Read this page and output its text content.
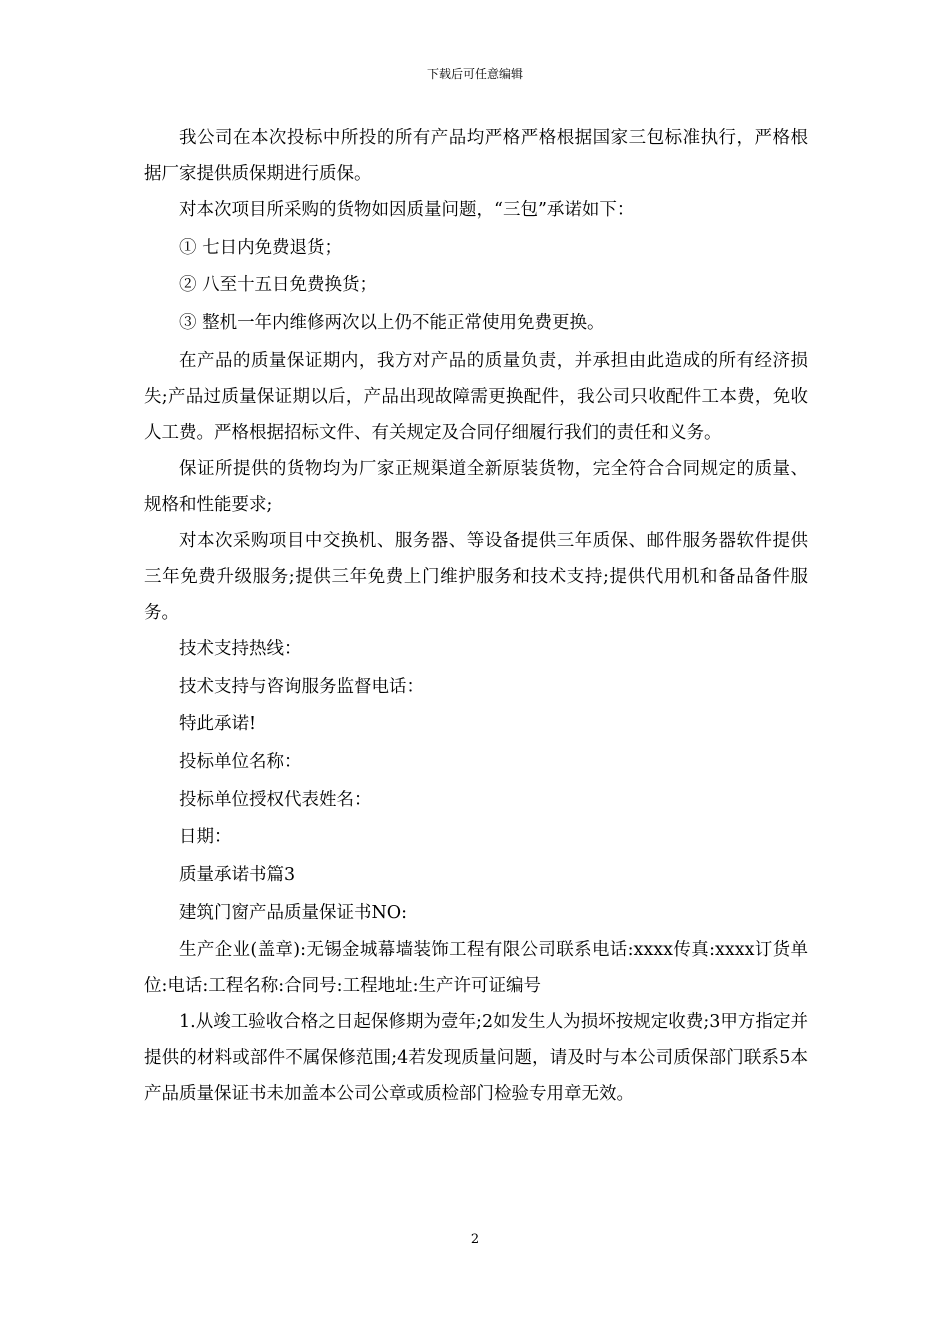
下载后可任意编辑

我公司在本次投标中所投的所有产品均严格严格根据国家三包标准执行，严格根据厂家提供质保期进行质保。

对本次项目所采购的货物如因质量问题，“三包”承诺如下：

① 七日内免费退货；

② 八至十五日免费换货；

③ 整机一年内维修两次以上仍不能正常使用免费更换。

在产品的质量保证期内，我方对产品的质量负责，并承担由此造成的所有经济损失;产品过质量保证期以后，产品出现故障需更换配件，我公司只收配件工本费，免收人工费。严格根据招标文件、有关规定及合同仔细履行我们的责任和义务。

保证所提供的货物均为厂家正规渠道全新原装货物，完全符合合同规定的质量、规格和性能要求;

对本次采购项目中交换机、服务器、等设备提供三年质保、邮件服务器软件提供三年免费升级服务;提供三年免费上门维护服务和技术支持;提供代用机和备品备件服务。

技术支持热线：

技术支持与咨询服务监督电话：

特此承诺!

投标单位名称：

投标单位授权代表姓名：

日期：

质量承诺书篇3

建筑门窗产品质量保证书NO:

生产企业(盖章):无锡金城幕墙装饰工程有限公司联系电话:xxxx传真:xxxx订货单位:电话:工程名称:合同号:工程地址:生产许可证编号

1.从竣工验收合格之日起保修期为壹年;2如发生人为损坏按规定收费;3甲方指定并提供的材料或部件不属保修范围;4若发现质量问题，请及时与本公司质保部门联系5本产品质量保证书未加盖本公司公章或质检部门检验专用章无效。

2
